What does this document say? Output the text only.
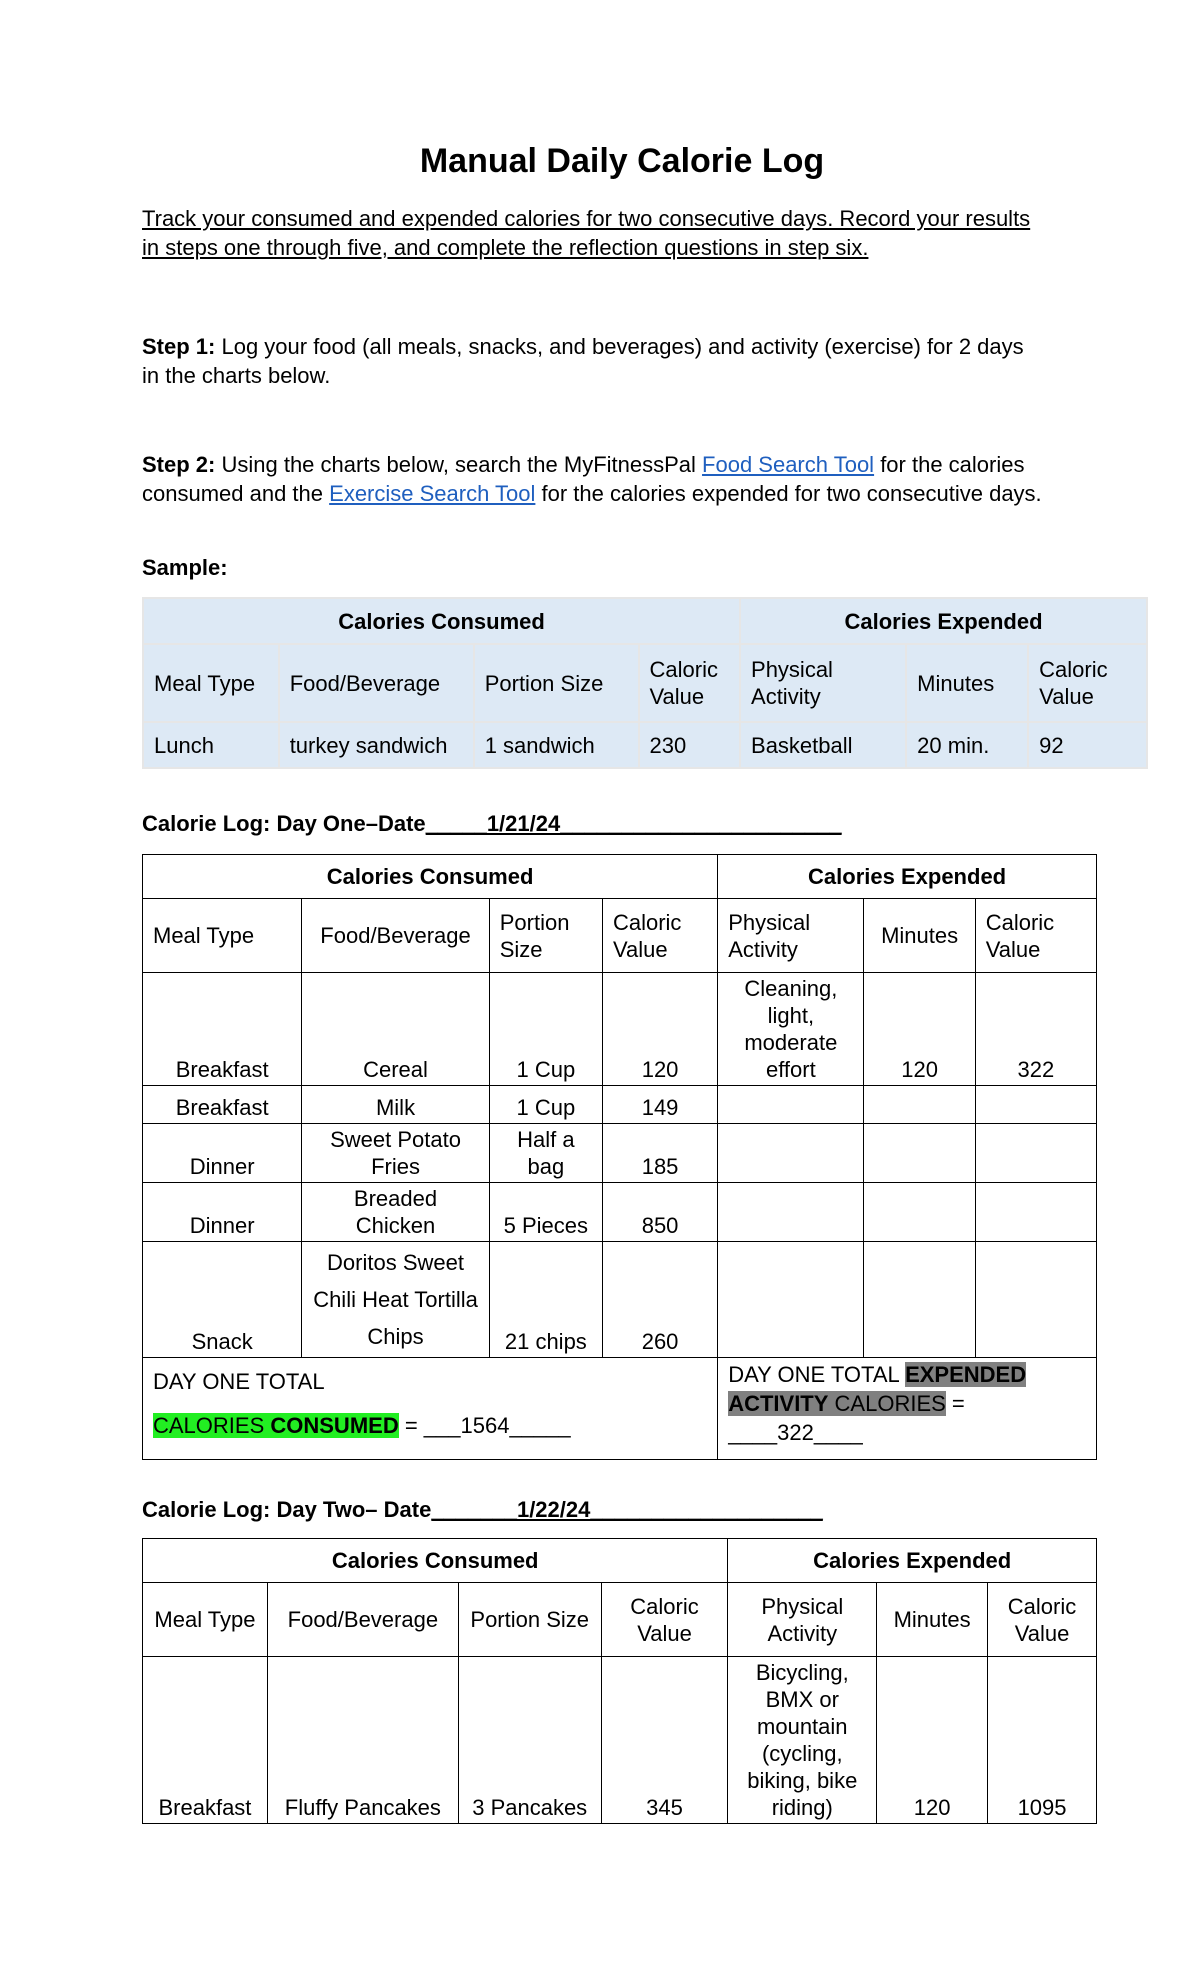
Manual Daily Calorie Log
Track your consumed and expended calories for two consecutive days. Record your results in steps one through five, and complete the reflection questions in step six.
Step 1: Log your food (all meals, snacks, and beverages) and activity (exercise) for 2 days in the charts below.
Step 2: Using the charts below, search the MyFitnessPal Food Search Tool for the calories consumed and the Exercise Search Tool for the calories expended for two consecutive days.
Sample:
Calories Consumed				Calories Expended		
Meal Type	Food/Beverage	Portion Size	Caloric Value	Physical Activity	Minutes	Caloric Value
Lunch	turkey sandwich	1 sandwich	230	Basketball	20 min.	92
Calorie Log: Day One–Date_____1/21/24_______________________
Calories Consumed				Calories Expended		
Meal Type	Food/Beverage	Portion Size	Caloric Value	Physical Activity	Minutes	Caloric Value
Breakfast	Cereal	1 Cup	120	Cleaning, light, moderate effort	120	322
Breakfast	Milk	1 Cup	149			
Dinner	Sweet Potato Fries	Half a bag	185			
Dinner	Breaded Chicken	5 Pieces	850			
Snack	Doritos Sweet Chili Heat Tortilla Chips	21 chips	260			
DAY ONE TOTAL
CALORIES CONSUMED = ___1564_____				DAY ONE TOTAL EXPENDED ACTIVITY CALORIES = ____322____		
Calorie Log: Day Two– Date_______1/22/24___________________
Calories Consumed				Calories Expended		
Meal Type	Food/Beverage	Portion Size	Caloric Value	Physical Activity	Minutes	Caloric Value
Breakfast	Fluffy Pancakes	3 Pancakes	345	Bicycling, BMX or mountain (cycling, biking, bike riding)	120	1095
